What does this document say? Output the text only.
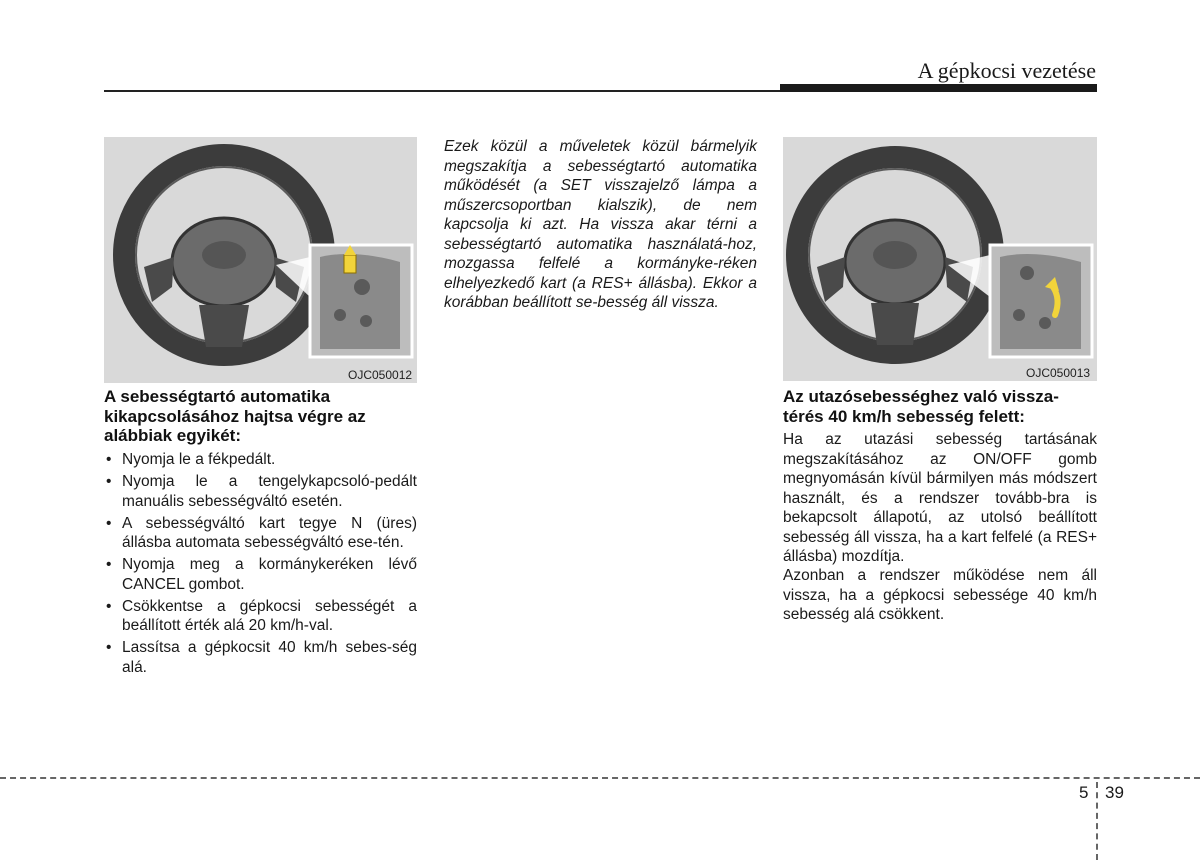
A gépkocsi vezetése
OJC050012
A sebességtartó automatika kikapcsolásához hajtsa végre az alábbiak egyikét:
• Nyomja le a fékpedált.
• Nyomja le a tengelykapcsoló-pedált manuális sebességváltó esetén.
• A sebességváltó kart tegye N (üres) állásba automata sebességváltó ese-tén.
• Nyomja meg a kormánykeréken lévő CANCEL gombot.
• Csökkentse a gépkocsi sebességét a beállított érték alá 20 km/h-val.
• Lassítsa a gépkocsit 40 km/h sebes-ség alá.

Ezek közül a műveletek közül bármelyik megszakítja a sebességtartó automatika működését (a SET visszajelző lámpa a műszercsoportban kialszik), de nem kapcsolja ki azt. Ha vissza akar térni a sebességtartó automatika használatá-hoz, mozgassa felfelé a kormányke-réken elhelyezkedő kart (a RES+ állásba). Ekkor a korábban beállított se-besség áll vissza.

OJC050013
Az utazósebességhez való vissza-térés 40 km/h sebesség felett:

Ha az utazási sebesség tartásának megszakításához az ON/OFF gomb megnyomásán kívül bármilyen más módszert használt, és a rendszer tovább-bra is bekapcsolt állapotú, az utolsó beállított sebesség áll vissza, ha a kart felfelé (a RES+ állásba) mozdítja.

Azonban a rendszer működése nem áll vissza, ha a gépkocsi sebessége 40 km/h sebesség alá csökkent.

5 39
